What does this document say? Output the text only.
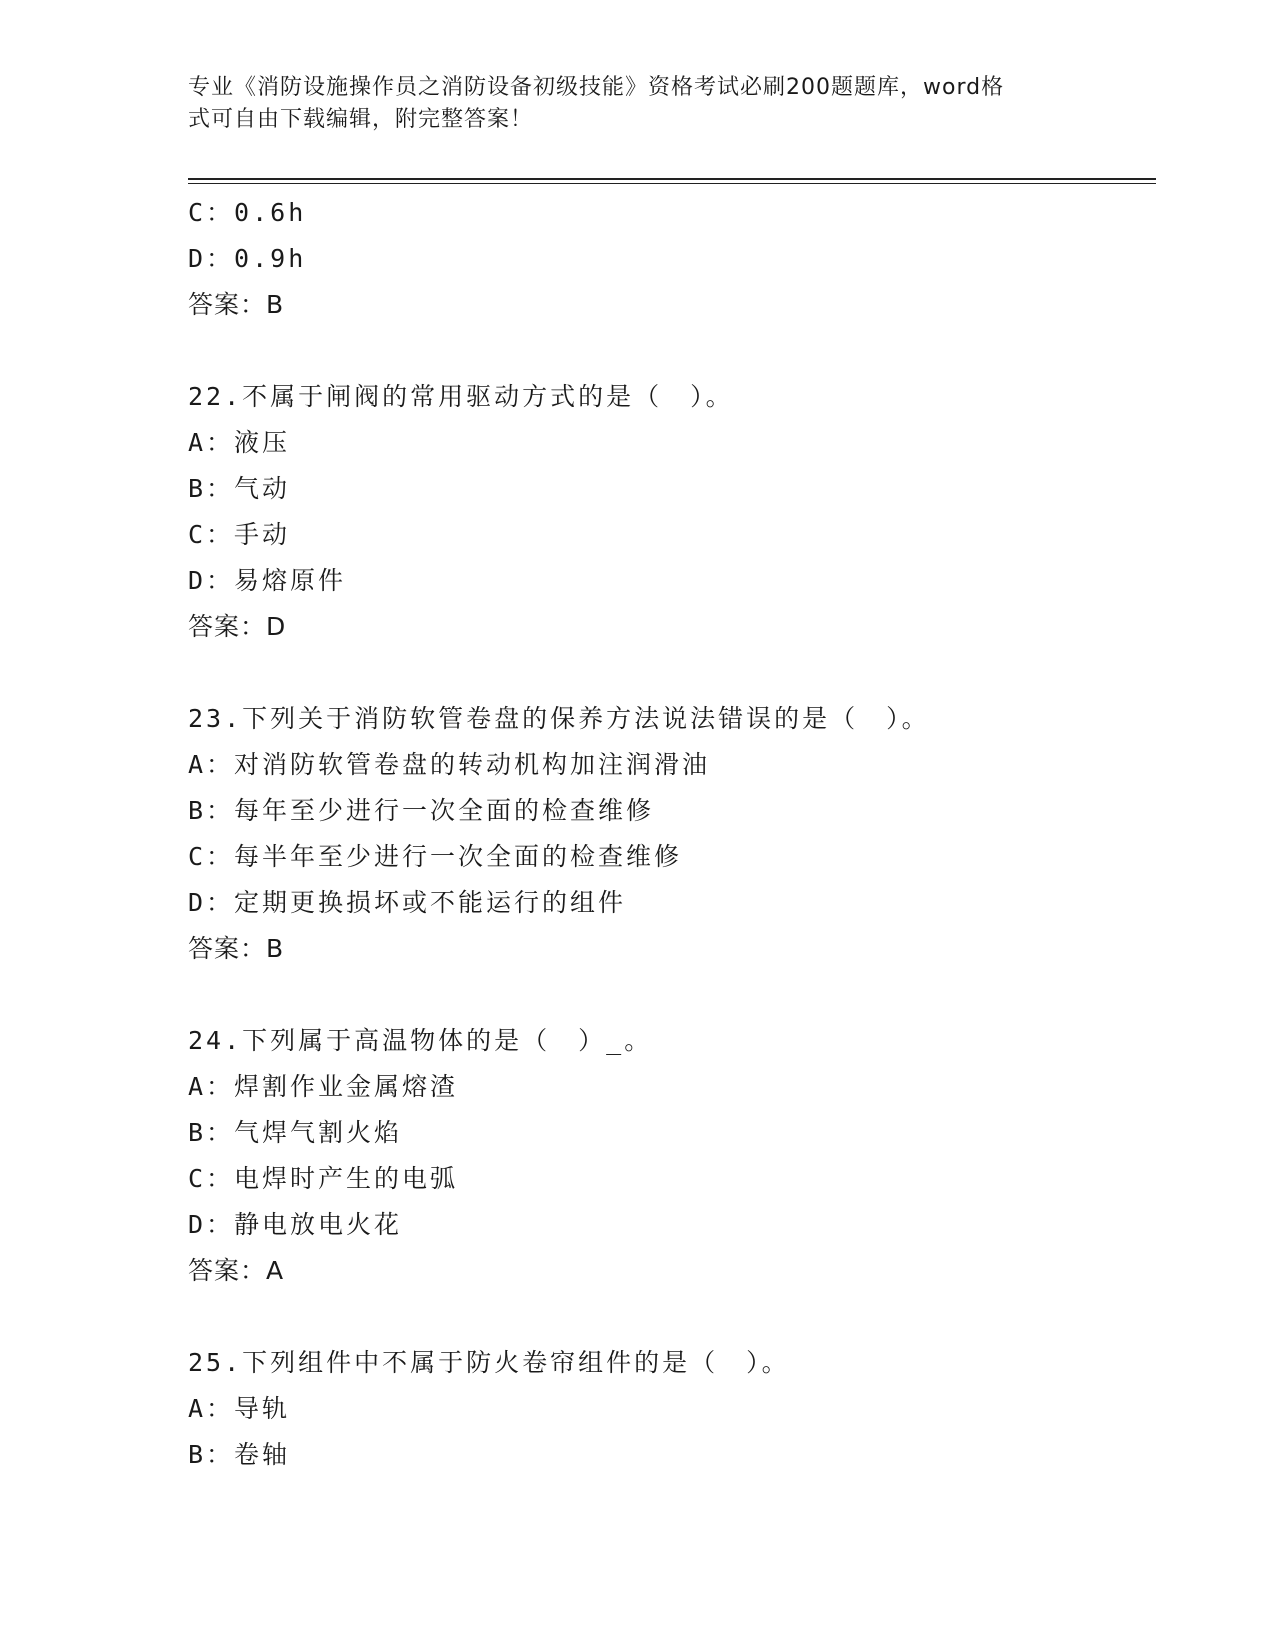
专业《消防设施操作员之消防设备初级技能》资格考试必刷200题题库，word格
式可自由下载编辑，附完整答案！
C：0.6h
D：0.9h
答案：B
22.不属于闸阀的常用驱动方式的是（　）。
A：液压
B：气动
C：手动
D：易熔原件
答案：D
23.下列关于消防软管卷盘的保养方法说法错误的是（　）。
A：对消防软管卷盘的转动机构加注润滑油
B：每年至少进行一次全面的检查维修
C：每半年至少进行一次全面的检查维修
D：定期更换损坏或不能运行的组件
答案：B
24.下列属于高温物体的是（　）_。
A：焊割作业金属熔渣
B：气焊气割火焰
C：电焊时产生的电弧
D：静电放电火花
答案：A
25.下列组件中不属于防火卷帘组件的是（　）。
A：导轨
B：卷轴
